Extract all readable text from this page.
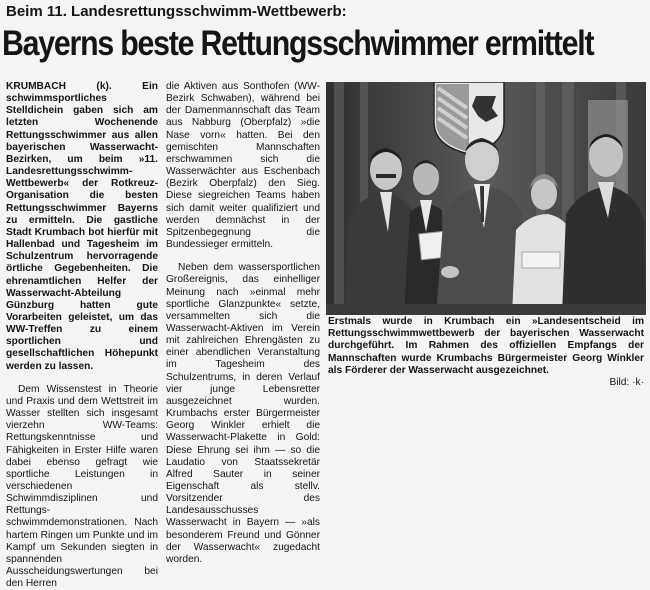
Beim 11. Landesrettungsschwimm-Wettbewerb:
Bayerns beste Rettungsschwimmer ermittelt

KRUMBACH (k). Ein schwimmsportliches Stelldichein gaben sich am letzten Wochenende Rettungsschwimmer aus allen bayerischen Wasserwacht-Bezirken, um beim »11. Landesrettungsschwimm-Wettbewerb« der Rotkreuz-Organisation die besten Rettungsschwimmer Bayerns zu ermitteln. Die gastliche Stadt Krumbach bot hierfür mit Hallenbad und Tagesheim im Schulzentrum hervorragende örtliche Gegebenheiten. Die ehrenamtlichen Helfer der Wasserwacht-Abteilung Günzburg hatten gute Vorarbeiten geleistet, um das WW-Treffen zu einem sportlichen und gesellschaftlichen Höhepunkt werden zu lassen.

Dem Wissenstest in Theorie und Praxis und dem Wettstreit im Wasser stellten sich insgesamt vierzehn WW-Teams: Rettungskenntnisse und Fähigkeiten in Erster Hilfe waren dabei ebenso gefragt wie sportliche Leistungen in verschiedenen Schwimmdisziplinen und Rettungsschwimmdemonstrationen. Nach hartem Ringen um Punkte und im Kampf um Sekunden siegten in spannenden Ausscheidungswertungen bei den Herren

die Aktiven aus Sonthofen (WW-Bezirk Schwaben), während bei der Damenmannschaft das Team aus Nabburg (Oberpfalz) »die Nase vorn« hatten. Bei den gemischten Mannschaften erschwammen sich die Wasserwächter aus Eschenbach (Bezirk Oberpfalz) den Sieg. Diese siegreichen Teams haben sich damit weiter qualifiziert und werden demnächst in der Spitzenbegegnung die Bundessieger ermitteln.

Neben dem wassersportlichen Großereignis, das einhelliger Meinung nach »einmal mehr sportliche Glanzpunkte« setzte, versammelten sich die Wasserwacht-Aktiven im Verein mit zahlreichen Ehrengästen zu einer abendlichen Veranstaltung im Tagesheim des Schulzentrums, in deren Verlauf vier junge Lebensretter ausgezeichnet wurden. Krumbachs erster Bürgermeister Georg Winkler erhielt die Wasserwacht-Plakette in Gold: Diese Ehrung sei ihm — so die Laudatio von Staatssekretär Alfred Sauter in seiner Eigenschaft als stellv. Vorsitzender des Landesausschusses Wasserwacht in Bayern — »als besonderem Freund und Gönner der Wasserwacht« zugedacht worden.

Erstmals wurde in Krumbach ein »Landesentscheid im Rettungsschwimmwettbewerb der bayerischen Wasserwacht durchgeführt. Im Rahmen des offiziellen Empfangs der Mannschaften wurde Krumbachs Bürgermeister Georg Winkler als Förderer der Wasserwacht ausgezeichnet.
Bild: ·k·
